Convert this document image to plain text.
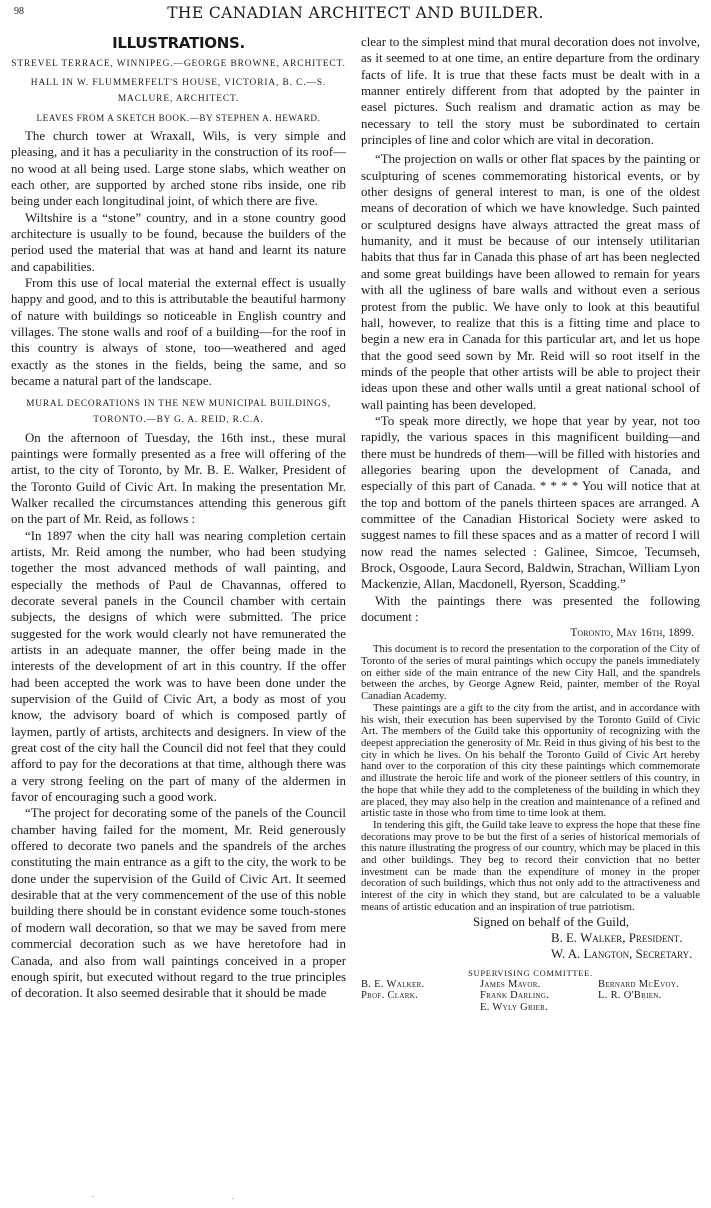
98	THE CANADIAN ARCHITECT AND BUILDER.
ILLUSTRATIONS.
STREVEL TERRACE, WINNIPEG.—GEORGE BROWNE, ARCHITECT.
HALL IN W. FLUMMERFELT'S HOUSE, VICTORIA, B. C.—S. MACLURE, ARCHITECT.
LEAVES FROM A SKETCH BOOK.—BY STEPHEN A. HEWARD.

The church tower at Wraxall, Wils, is very simple and pleasing, and it has a peculiarity in the construction of its roof—no wood at all being used. Large stone slabs, which weather on each other, are supported by arched stone ribs inside, one rib being under each longitudinal joint, of which there are five.

Wiltshire is a “stone” country, and in a stone country good architecture is usually to be found, because the builders of the period used the material that was at hand and learnt its nature and capabilities.

From this use of local material the external effect is usually happy and good, and to this is attributable the beautiful harmony of nature with buildings so noticeable in English country and villages. The stone walls and roof of a building—for the roof in this country is always of stone, too—weathered and aged exactly as the stones in the fields, being the same, and so became a natural part of the landscape.

MURAL DECORATIONS IN THE NEW MUNICIPAL BUILDINGS, TORONTO.—BY G. A. REID, R.C.A.

On the afternoon of Tuesday, the 16th inst., these mural paintings were formally presented as a free will offering of the artist, to the city of Toronto, by Mr. B. E. Walker, President of the Toronto Guild of Civic Art. In making the presentation Mr. Walker recalled the circumstances attending this generous gift on the part of Mr. Reid, as follows :

“In 1897 when the city hall was nearing completion certain artists, Mr. Reid among the number, who had been studying together the most advanced methods of wall painting, and especially the methods of Paul de Chavannas, offered to decorate several panels in the Council chamber with certain subjects, the designs of which were submitted. The price suggested for the work would clearly not have remunerated the artists in an adequate manner, the offer being made in the interests of the development of art in this country. If the offer had been accepted the work was to have been done under the supervision of the Guild of Civic Art, a body as most of you know, the advisory board of which is composed partly of laymen, partly of artists, architects and designers. In view of the great cost of the city hall the Council did not feel that they could afford to pay for the decorations at that time, although there was a very strong feeling on the part of many of the aldermen in favor of encouraging such a good work.

“The project for decorating some of the panels of the Council chamber having failed for the moment, Mr. Reid generously offered to decorate two panels and the spandrels of the arches constituting the main entrance as a gift to the city, the work to be done under the supervision of the Guild of Civic Art. It seemed desirable that at the very commencement of the use of this noble building there should be in constant evidence some touch-stones of modern wall decoration, so that we may be saved from mere commercial decoration such as we have heretofore had in Canada, and also from wall paintings conceived in a proper enough spirit, but executed without regard to the true principles of decoration. It also seemed desirable that it should be made

clear to the simplest mind that mural decoration does not involve, as it seemed to at one time, an entire departure from the ordinary facts of life. It is true that these facts must be dealt with in a manner entirely different from that adopted by the painter in easel pictures. Such realism and dramatic action as may be necessary to tell the story must be subordinated to certain principles of line and color which are vital in decoration.

“The projection on walls or other flat spaces by the painting or sculpturing of scenes commemorating historical events, or by other designs of general interest to man, is one of the oldest means of decoration of which we have knowledge. Such painted or sculptured designs have always attracted the great mass of humanity, and it must be because of our intensely utilitarian habits that thus far in Canada this phase of art has been neglected and some great buildings have been allowed to remain for years with all the ugliness of bare walls and without even a serious protest from the public. We have only to look at this beautiful hall, however, to realize that this is a fitting time and place to begin a new era in Canada for this particular art, and let us hope that the good seed sown by Mr. Reid will so root itself in the minds of the people that other artists will be able to project their ideas upon these and other walls until a great national school of wall painting has been developed.

“To speak more directly, we hope that year by year, not too rapidly, the various spaces in this magnificent building—and there must be hundreds of them—will be filled with histories and allegories bearing upon the development of Canada, and especially of this part of Canada. * * * * You will notice that at the top and bottom of the panels thirteen spaces are arranged. A committee of the Canadian Historical Society were asked to suggest names to fill these spaces and as a matter of record I will now read the names selected : Galinee, Simcoe, Tecumseh, Brock, Osgoode, Laura Secord, Baldwin, Strachan, William Lyon Mackenzie, Allan, Macdonell, Ryerson, Scadding.”

With the paintings there was presented the following document :

Toronto, May 16th, 1899.

This document is to record the presentation to the corporation of the City of Toronto of the series of mural paintings which occupy the panels immediately on either side of the main entrance of the new City Hall, and the spandrels between the arches, by George Agnew Reid, painter, member of the Royal Canadian Academy.

These paintings are a gift to the city from the artist, and in accordance with his wish, their execution has been supervised by the Toronto Guild of Civic Art. The members of the Guild take this opportunity of recognizing with the deepest appreciation the generosity of Mr. Reid in thus giving of his best to the city in which he lives. On his behalf the Toronto Guild of Civic Art hereby hand over to the corporation of this city these paintings which commemorate and illustrate the heroic life and work of the pioneer settlers of this country, in the hope that while they add to the completeness of the building in which they are placed, they may also help in the creation and maintenance of a refined and artistic taste in those who from time to time look at them.

In tendering this gift, the Guild take leave to express the hope that these fine decorations may prove to be but the first of a series of historical memorials of this nature illustrating the progress of our country, which may be placed in this and other buildings. They beg to record their conviction that no better investment can be made than the expenditure of money in the proper decoration of such buildings, which thus not only add to the attractiveness and interest of the city in which they stand, but are calculated to be a valuable means of artistic education and an inspiration of true patriotism.

Signed on behalf of the Guild,

B. E. Walker, President.

W. A. Langton, Secretary.

SUPERVISING COMMITTEE.
B. E. Walker.
Prof. Clark.
James Mavor.
Frank Darling.
E. Wyly Grier.
Bernard McEvoy.
L. R. O'Brien.
